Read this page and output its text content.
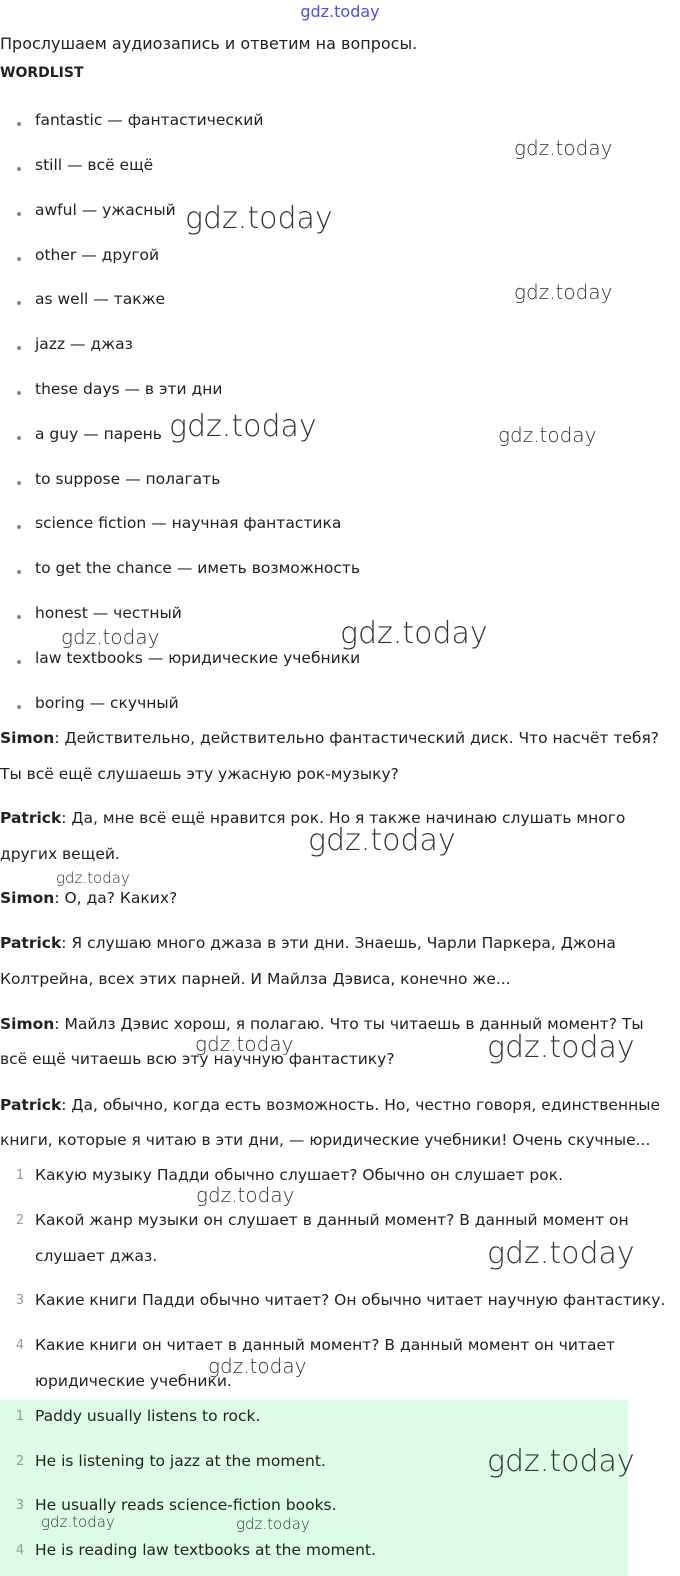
gdz.today
Прослушаем аудиозапись и ответим на вопросы.
WORDLIST
fantastic — фантастический
still — всё ещё
awful — ужасный
other — другой
as well — также
jazz — джаз
these days — в эти дни
a guy — парень
to suppose — полагать
science fiction — научная фантастика
to get the chance — иметь возможность
honest — честный
law textbooks — юридические учебники
boring — скучный
Simon: Действительно, действительно фантастический диск. Что насчёт тебя?
Ты всё ещё слушаешь эту ужасную рок-музыку?
Patrick: Да, мне всё ещё нравится рок. Но я также начинаю слушать много
других вещей.
Simon: О, да? Каких?
Patrick: Я слушаю много джаза в эти дни. Знаешь, Чарли Паркера, Джона
Колтрейна, всех этих парней. И Майлза Дэвиса, конечно же...
Simon: Майлз Дэвис хорош, я полагаю. Что ты читаешь в данный момент? Ты
всё ещё читаешь всю эту научную фантастику?
Patrick: Да, обычно, когда есть возможность. Но, честно говоря, единственные
книги, которые я читаю в эти дни, — юридические учебники! Очень скучные...
1 Какую музыку Падди обычно слушает? Обычно он слушает рок.
2 Какой жанр музыки он слушает в данный момент? В данный момент он
слушает джаз.
3 Какие книги Падди обычно читает? Он обычно читает научную фантастику.
4 Какие книги он читает в данный момент? В данный момент он читает
юридические учебники.
1 Paddy usually listens to rock.
2 He is listening to jazz at the moment.
3 He usually reads science-fiction books.
4 He is reading law textbooks at the moment.
gdz.today
gdz.today
gdz.today
gdz.today	gdz.today
gdz.today	gdz.today
gdz.today
gdz.today
gdz.today	gdz.today
gdz.today
gdz.today
gdz.today
gdz.today
gdz.today	gdz.today
